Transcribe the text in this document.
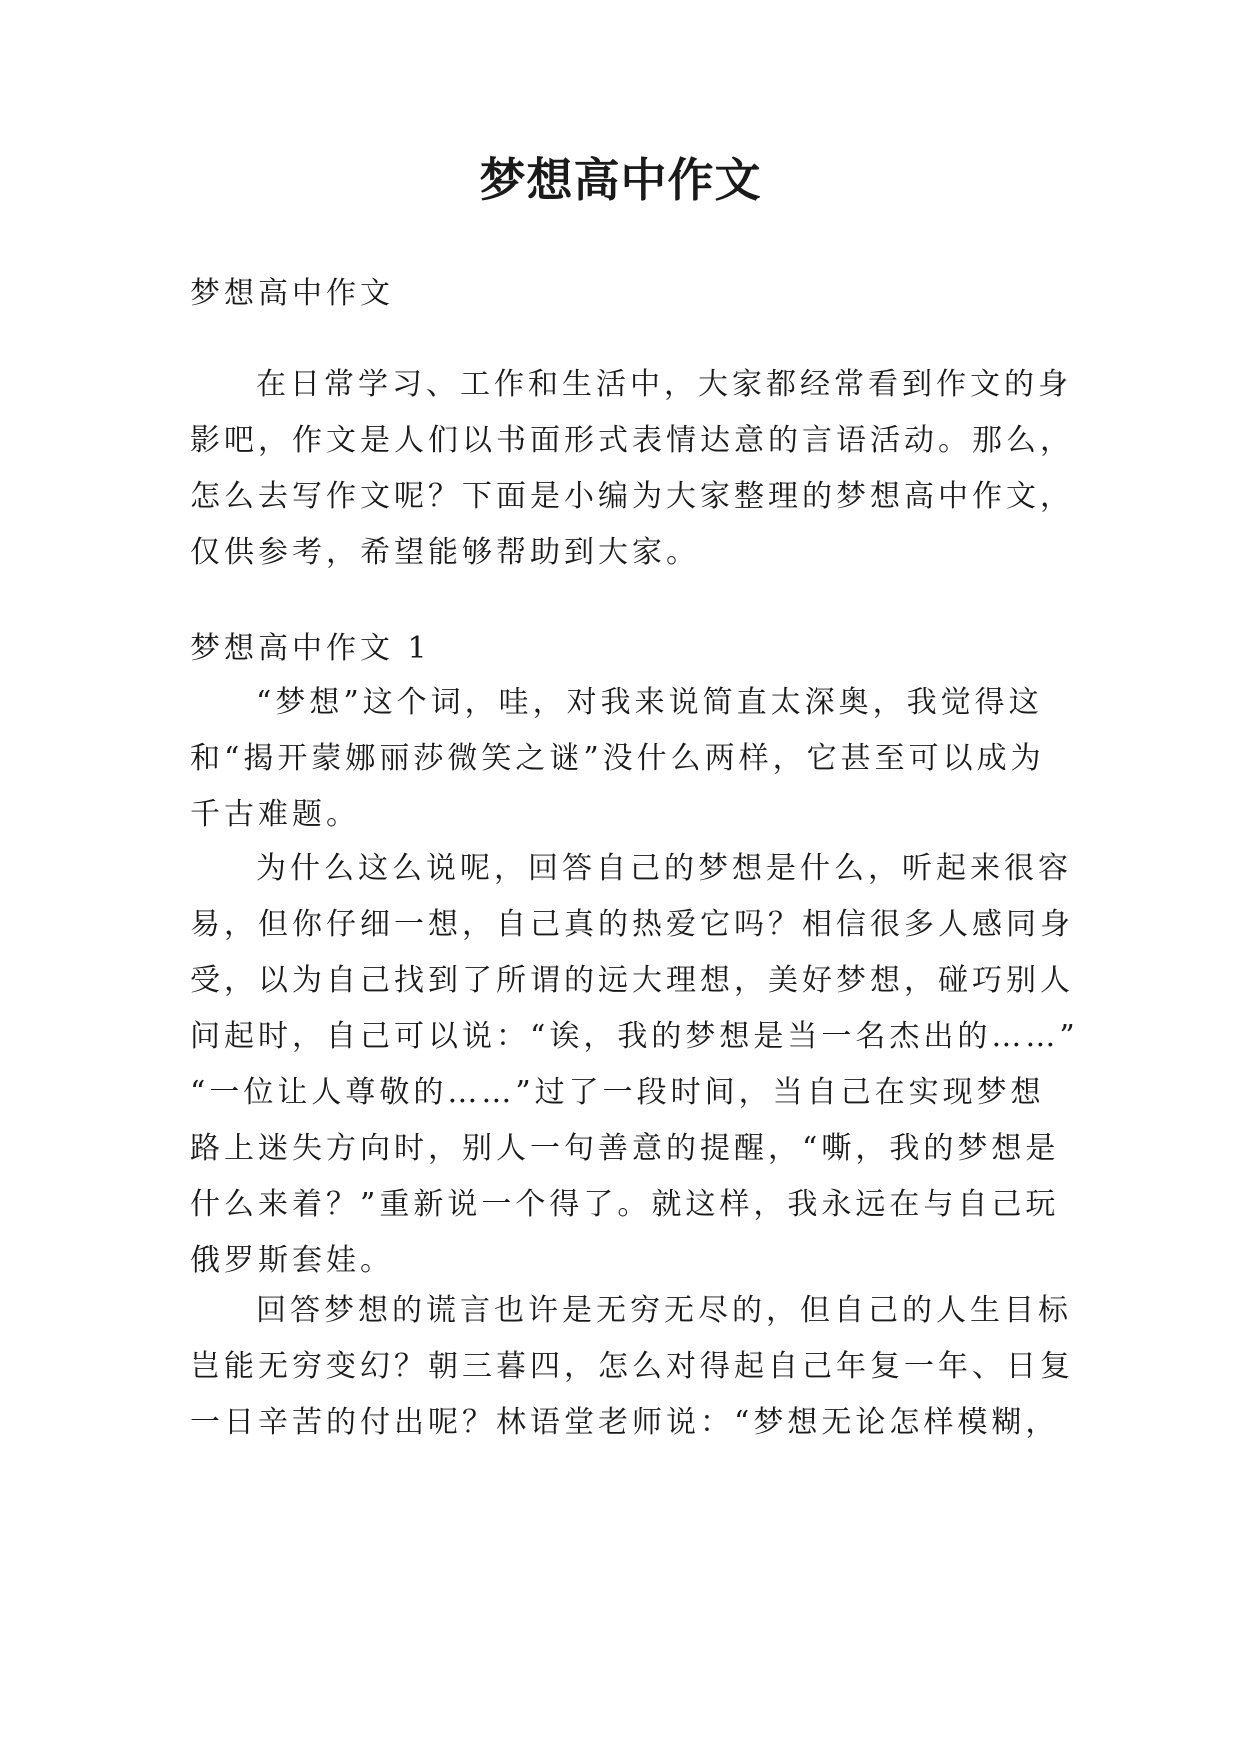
梦想高中作文

梦想高中作文

在日常学习、工作和生活中，大家都经常看到作文的身
影吧，作文是人们以书面形式表情达意的言语活动。那么，
怎么去写作文呢？下面是小编为大家整理的梦想高中作文，
仅供参考，希望能够帮助到大家。

梦想高中作文 1

“梦想”这个词，哇，对我来说简直太深奥，我觉得这
和“揭开蒙娜丽莎微笑之谜”没什么两样，它甚至可以成为
千古难题。

为什么这么说呢，回答自己的梦想是什么，听起来很容
易，但你仔细一想，自己真的热爱它吗？相信很多人感同身
受，以为自己找到了所谓的远大理想，美好梦想，碰巧别人
问起时，自己可以说：“诶，我的梦想是当一名杰出的……”
“一位让人尊敬的……”过了一段时间，当自己在实现梦想
路上迷失方向时，别人一句善意的提醒，“嘶，我的梦想是
什么来着？”重新说一个得了。就这样，我永远在与自己玩
俄罗斯套娃。

回答梦想的谎言也许是无穷无尽的，但自己的人生目标
岂能无穷变幻？朝三暮四，怎么对得起自己年复一年、日复
一日辛苦的付出呢？林语堂老师说：“梦想无论怎样模糊，
